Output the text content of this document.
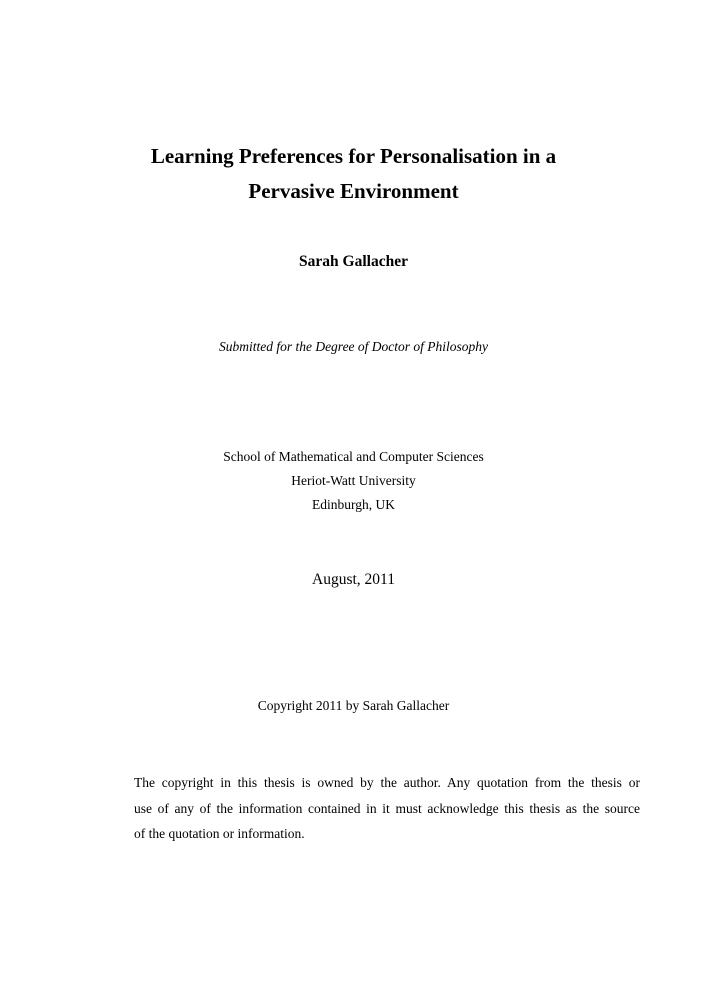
Learning Preferences for Personalisation in a
Pervasive Environment
Sarah Gallacher
Submitted for the Degree of Doctor of Philosophy
School of Mathematical and Computer Sciences
Heriot-Watt University
Edinburgh, UK
August, 2011
Copyright 2011 by Sarah Gallacher
The copyright in this thesis is owned by the author. Any quotation from the thesis or
use of any of the information contained in it must acknowledge this thesis as the source
of the quotation or information.
